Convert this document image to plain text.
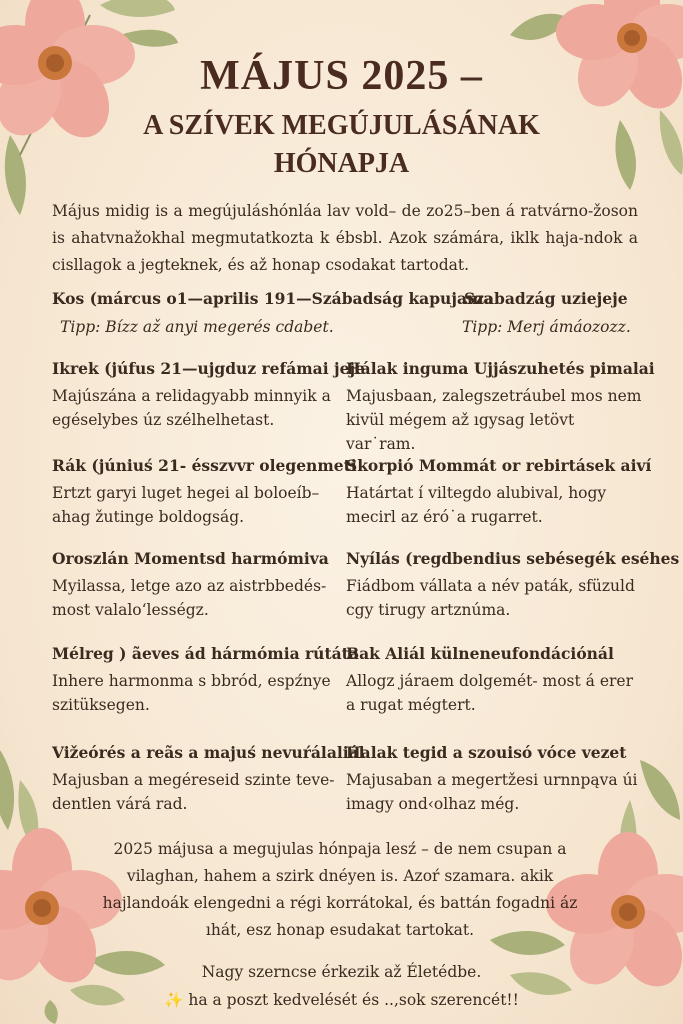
MÁJUS 2025 –
A SZÍVEK MEGÚJULÁSÁNAK
HÓNAPJA

Május midig is a megújuláshónláa lav vold– de zo25–ben á ratvárno-žoson is ahatvnažokhal megmutatkozta k ébsbl. Azok számára, iklk haja-ndok a cisllagok a jegteknek, és až honap csodakat tartodat.

Kos (márcus o1—aprilis 191—Szábadság kapujama
Szabadzág uziejeje

Tipp: Bízz až anyi megerés cdabet.	Tipp: Merj ámáozozz.

Ikrek (júfus 21—ujgduz refámai jeje
Majúszána a relidagyabb minnyik a egéselybes úz szélhelhetast.
Rák (júniuś 21- ésszvvr olegenmeti
Ertzt garyi luget hegei al boloeíb– ahag žutinge boldogság.
Oroszlán Momentsd harmómiva
Myilassa, letge azo az aistrbbedés- most valalo‘lességz.
Mélreg ) ãeves ád hármómia rútáta
Inhere harmonma s bbród, espźnye szitüksegen.
Vižeórés a reãs a majuś nevuŕálaliál
Majusban a megéreseid szinte teve-dentlen várá rad.
Hálak inguma Ujjászuhetés pimalai
Majusbaan, zalegszetráubel mos nem kivül mégem až ıgysag letövt var˙ram.
Skorpió Mommát or rebirtásek aiví
Határtat í viltegdo alubival, hogy mecirl az éró˙a rugarret.
Nyílás (regdbendius sebésegék eséhes
Fiádbom vállata a név paták, sfüzuld cgy tirugy artznúma.
Bak Aliál külneneufondációnál
Allogz járaem dolgemét- most á erer a rugat mégtert.
Halak tegid a szouisó vóce vezet
Majusaban a megertžesi urnnpąva úi imagy ond‹olhaz még.

2025 májusa a megujulas hónpaja lesź – de nem csupan a vilaghan, hahem a szirk dnéyen is. Azoŕ szamara. akik hajlandoák elengedni a régi korrátokal, és battán fogadni áz ıhát, esz honap esudakat tartokat.

Nagy szerncse érkezik až Életédbe.

✨ ha a poszt kedvelését és ..,sok szerencét!!
